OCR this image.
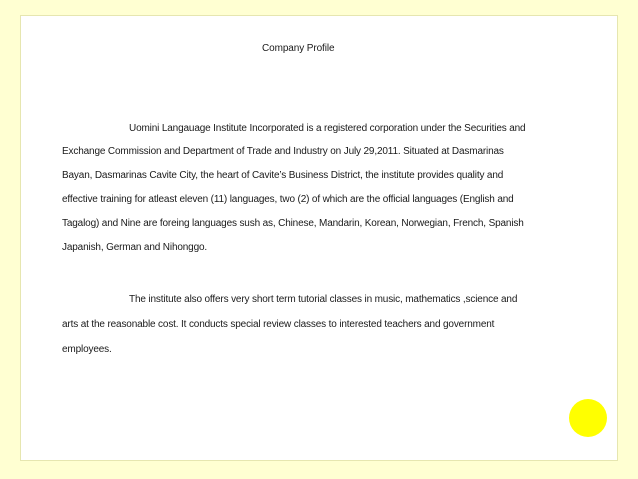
Company Profile
Uomini Langauage Institute Incorporated is a registered corporation under the Securities and
Exchange Commission and Department of Trade and Industry on July 29,2011. Situated at Dasmarinas
Bayan, Dasmarinas Cavite City, the heart of Cavite’s Business District, the institute provides quality and
effective training for atleast eleven (11) languages, two (2) of which are the official languages (English and
Tagalog) and Nine are foreing languages sush as, Chinese, Mandarin, Korean, Norwegian, French, Spanish
Japanish, German and Nihonggo.
The institute also offers very short term tutorial classes in music, mathematics ,science and
arts at the reasonable cost. It conducts special review classes to interested teachers and government
employees.
